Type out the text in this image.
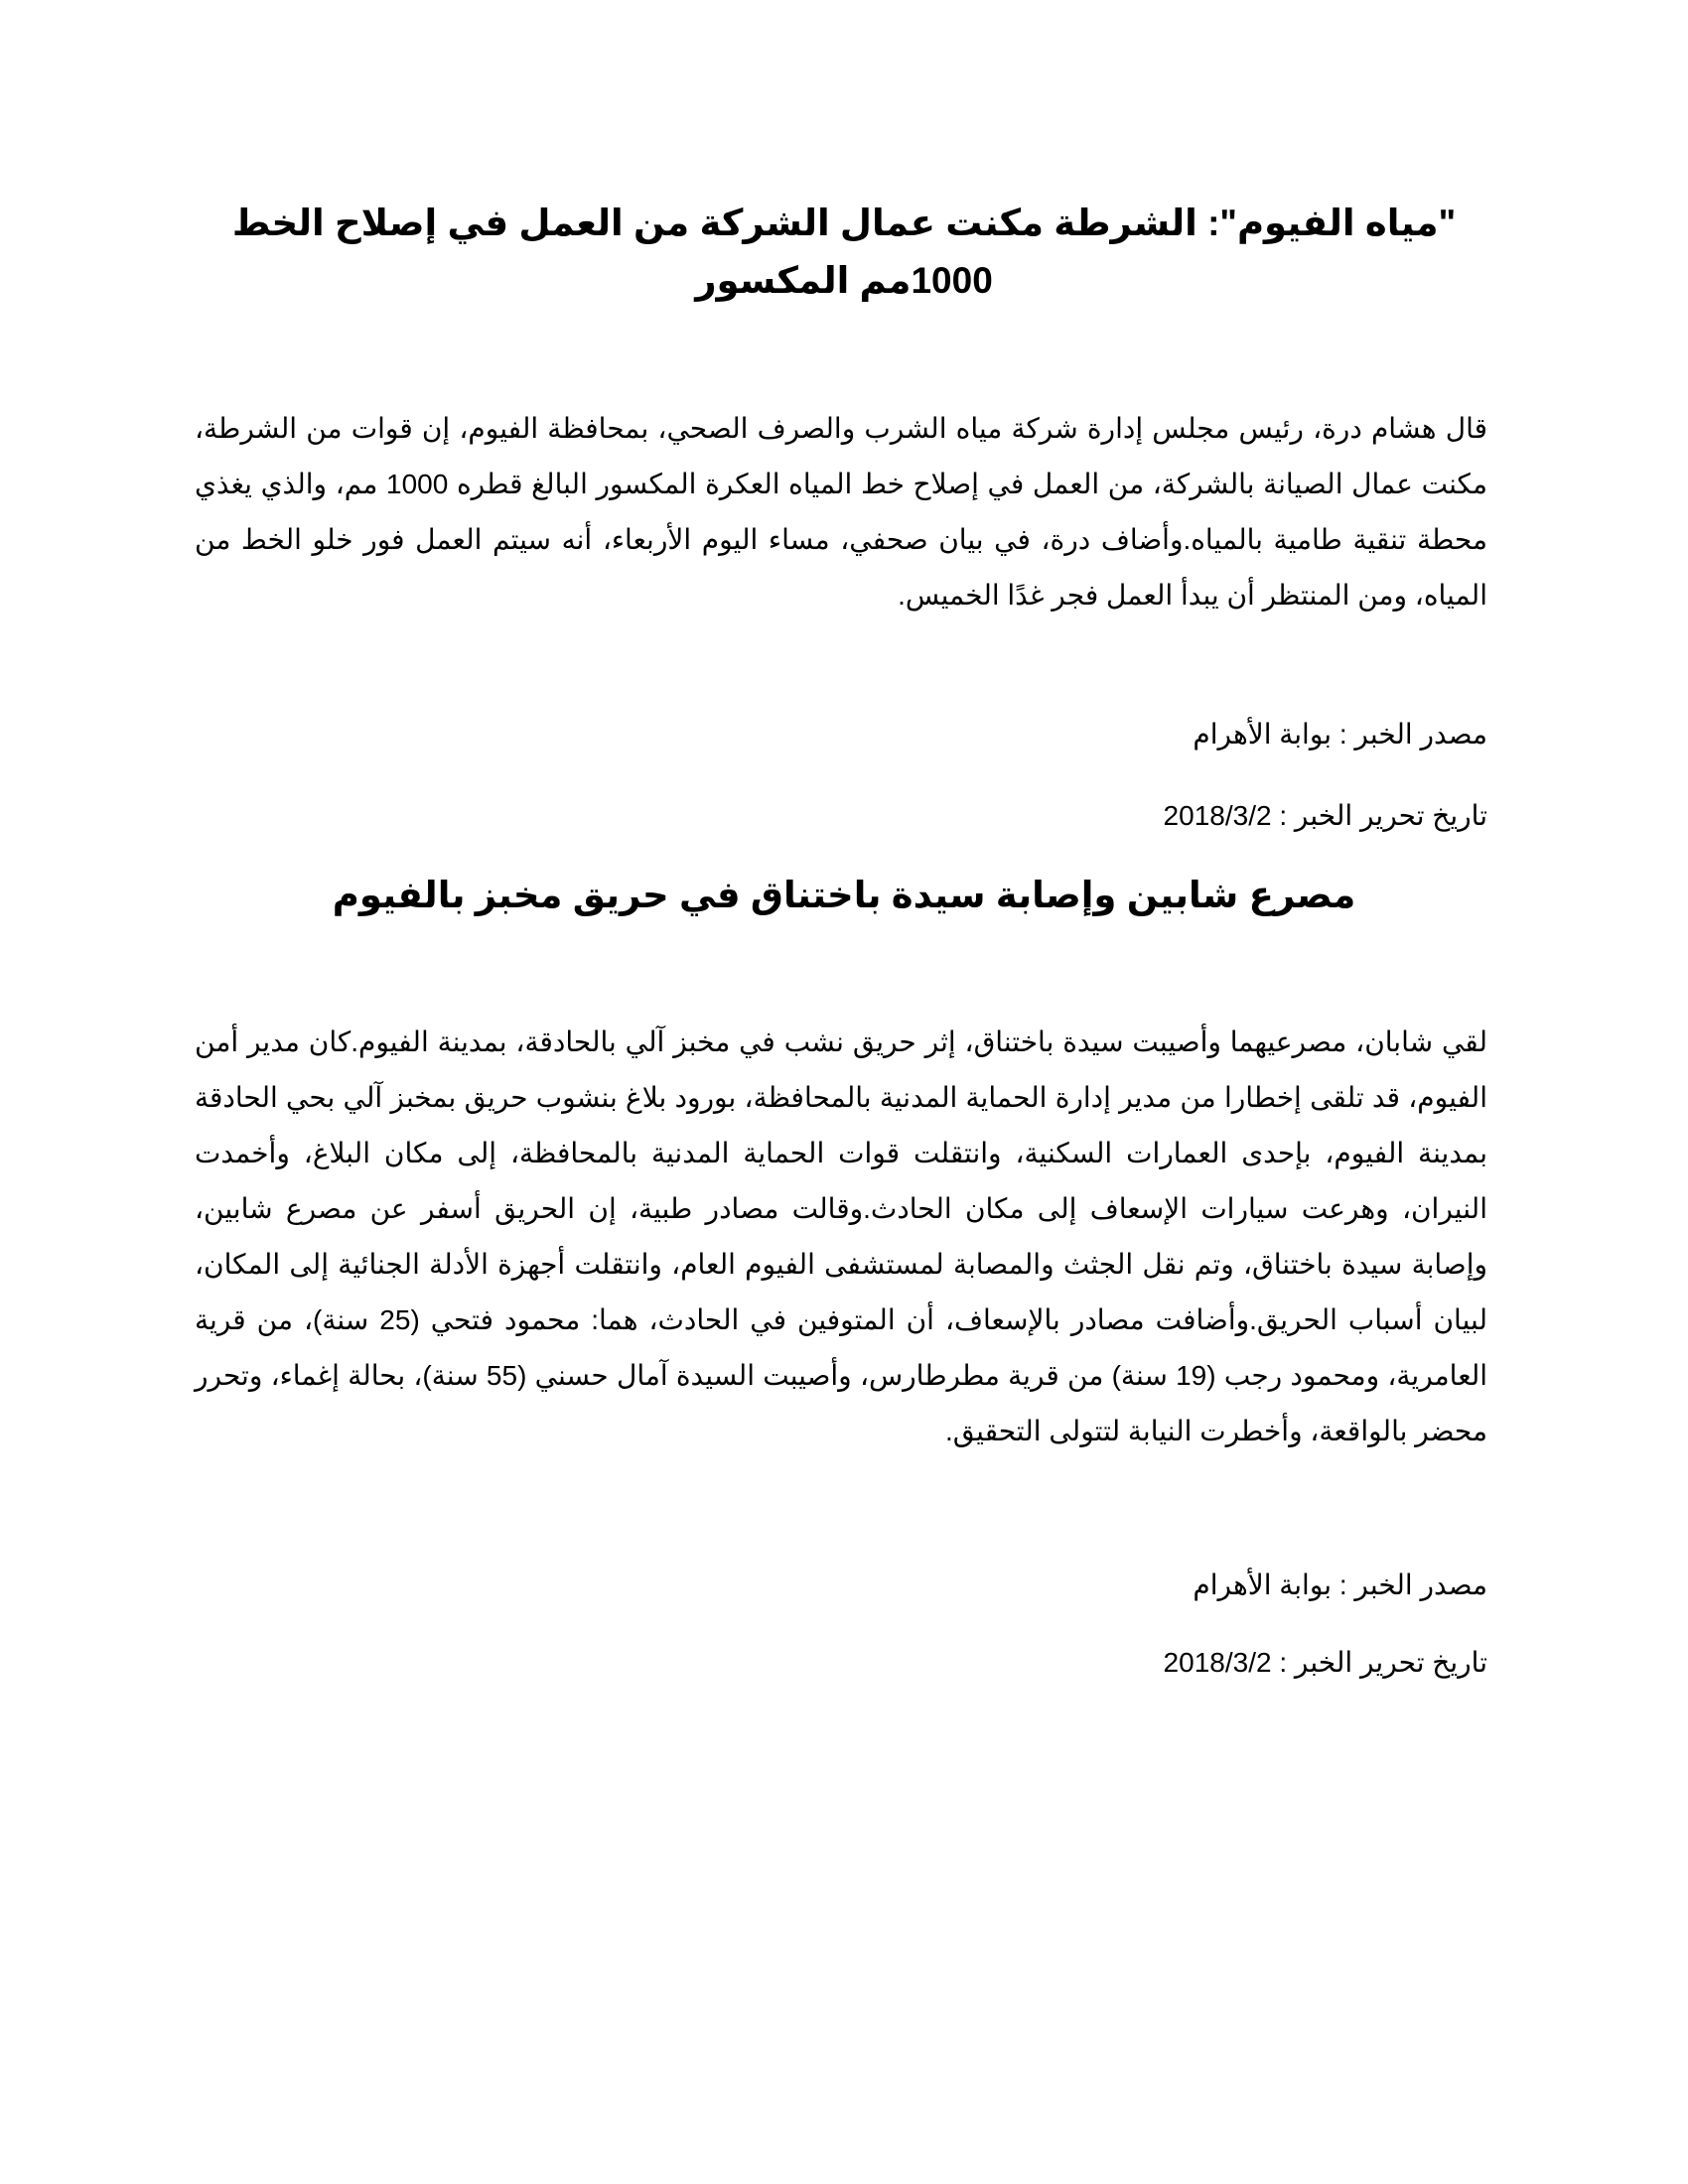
"مياه الفيوم": الشرطة مكنت عمال الشركة من العمل في إصلاح الخط 1000مم المكسور

قال هشام درة، رئيس مجلس إدارة شركة مياه الشرب والصرف الصحي، بمحافظة الفيوم، إن قوات من الشرطة، مكنت عمال الصيانة بالشركة، من العمل في إصلاح خط المياه العكرة المكسور البالغ قطره 1000 مم، والذي يغذي محطة تنقية طامية بالمياه.وأضاف درة، في بيان صحفي، مساء اليوم الأربعاء، أنه سيتم العمل فور خلو الخط من المياه، ومن المنتظر أن يبدأ العمل فجر غدًا الخميس.

مصدر الخبر : بوابة الأهرام

تاريخ تحرير الخبر : 2018/3/2

مصرع شابين وإصابة سيدة باختناق في حريق مخبز بالفيوم

لقي شابان، مصرعيهما وأصيبت سيدة باختناق، إثر حريق نشب في مخبز آلي بالحادقة، بمدينة الفيوم.كان مدير أمن الفيوم، قد تلقى إخطارا من مدير إدارة الحماية المدنية بالمحافظة، بورود بلاغ بنشوب حريق بمخبز آلي بحي الحادقة بمدينة الفيوم، بإحدى العمارات السكنية، وانتقلت قوات الحماية المدنية بالمحافظة، إلى مكان البلاغ، وأخمدت النيران، وهرعت سيارات الإسعاف إلى مكان الحادث.وقالت مصادر طبية، إن الحريق أسفر عن مصرع شابين، وإصابة سيدة باختناق، وتم نقل الجثث والمصابة لمستشفى الفيوم العام، وانتقلت أجهزة الأدلة الجنائية إلى المكان، لبيان أسباب الحريق.وأضافت مصادر بالإسعاف، أن المتوفين في الحادث، هما: محمود فتحي (25 سنة)، من قرية العامرية، ومحمود رجب (19 سنة) من قرية مطرطارس، وأصيبت السيدة آمال حسني (55 سنة)، بحالة إغماء، وتحرر محضر بالواقعة، وأخطرت النيابة لتتولى التحقيق.

مصدر الخبر : بوابة الأهرام

تاريخ تحرير الخبر : 2018/3/2
